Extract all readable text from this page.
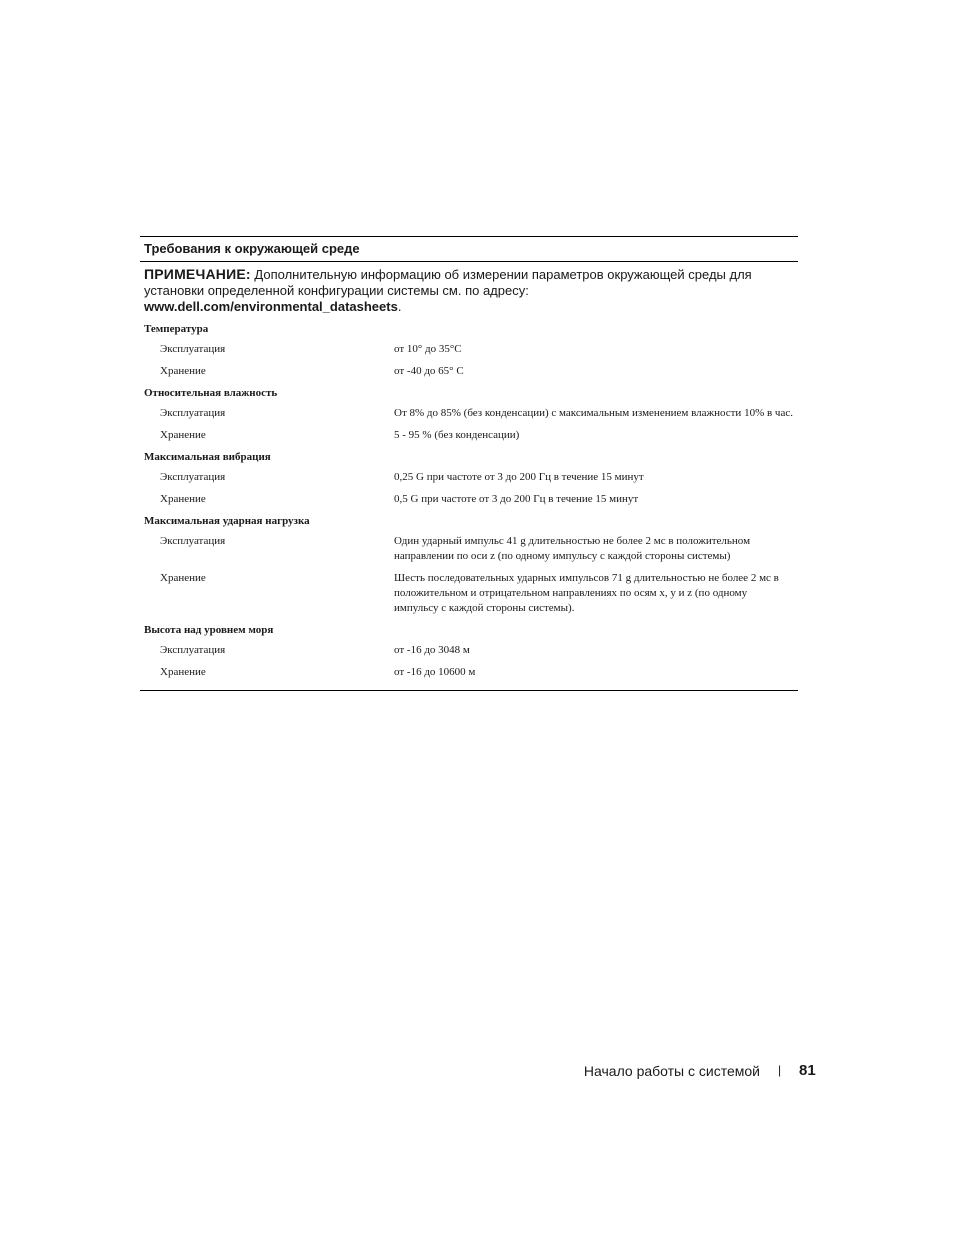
Требования к окружающей среде
ПРИМЕЧАНИЕ: Дополнительную информацию об измерении параметров окружающей среды для установки определенной конфигурации системы см. по адресу:
www.dell.com/environmental_datasheets.
Температура
Эксплуатация	от 10° до 35°C
Хранение	от -40 до 65° C
Относительная влажность
Эксплуатация	От 8% до 85% (без конденсации) с максимальным изменением влажности 10% в час.
Хранение	5 - 95 % (без конденсации)
Максимальная вибрация
Эксплуатация	0,25 G при частоте от 3 до 200 Гц в течение 15 минут
Хранение	0,5 G при частоте от 3 до 200 Гц в течение 15 минут
Максимальная ударная нагрузка
Эксплуатация	Один ударный импульс 41 g длительностью не более 2 мс в положительном направлении по оси z (по одному импульсу с каждой стороны системы)
Хранение	Шесть последовательных ударных импульсов 71 g длительностью не более 2 мс в положительном и отрицательном направлениях по осям x, y и z (по одному импульсу с каждой стороны системы).
Высота над уровнем моря
Эксплуатация	от -16 до 3048 м
Хранение	от -16 до 10600 м
Начало работы с системой | 81
